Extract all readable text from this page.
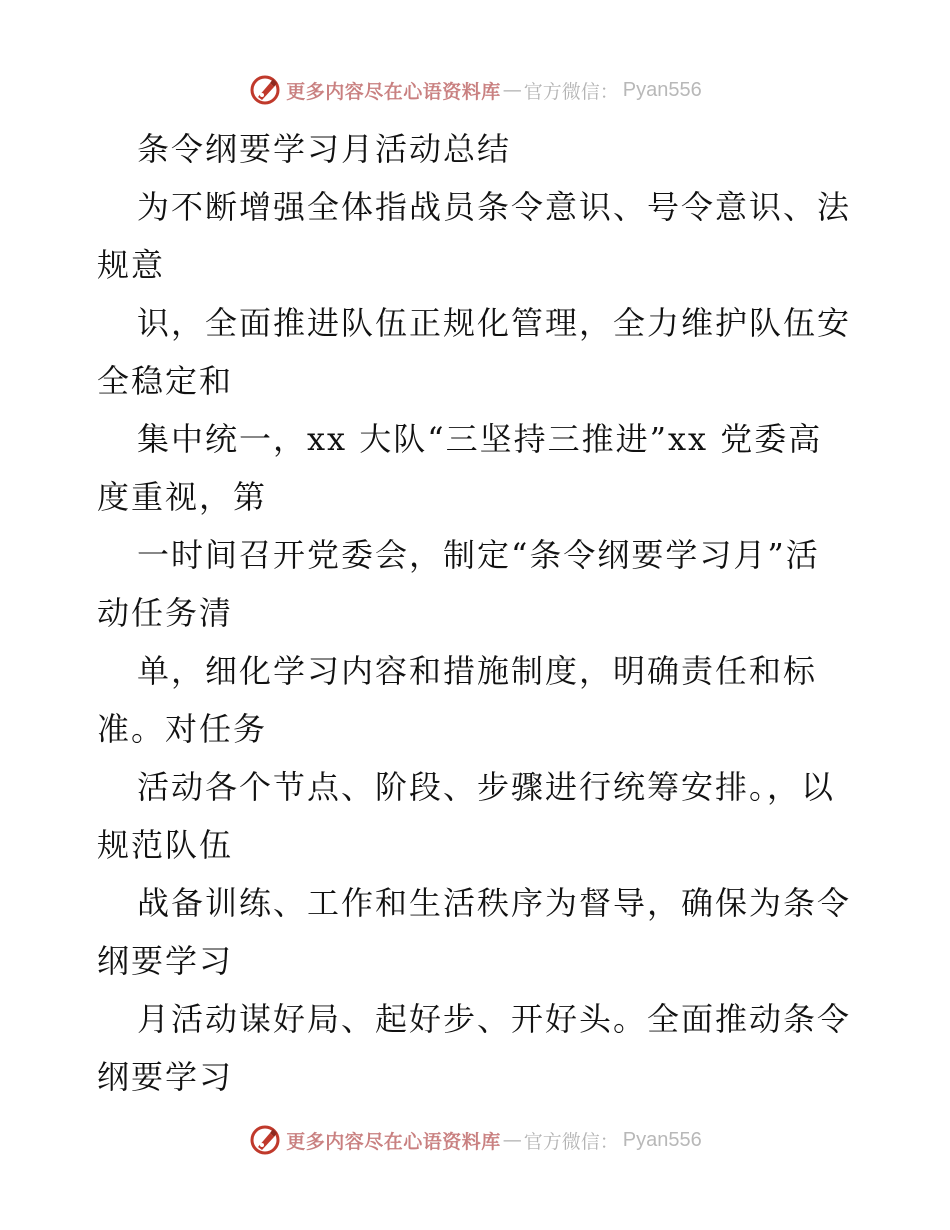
更多内容尽在心语资料库 — 官方微信： Pyan556
条令纲要学习月活动总结
为不断增强全体指战员条令意识、号令意识、法
规意
识，全面推进队伍正规化管理，全力维护队伍安
全稳定和
集中统一，xx 大队“三坚持三推进”xx 党委高
度重视，第
一时间召开党委会，制定“条令纲要学习月”活
动任务清
单，细化学习内容和措施制度，明确责任和标
准。对任务
活动各个节点、阶段、步骤进行统筹安排。，以
规范队伍
战备训练、工作和生活秩序为督导，确保为条令
纲要学习
月活动谋好局、起好步、开好头。全面推动条令
纲要学习
更多内容尽在心语资料库 — 官方微信： Pyan556
